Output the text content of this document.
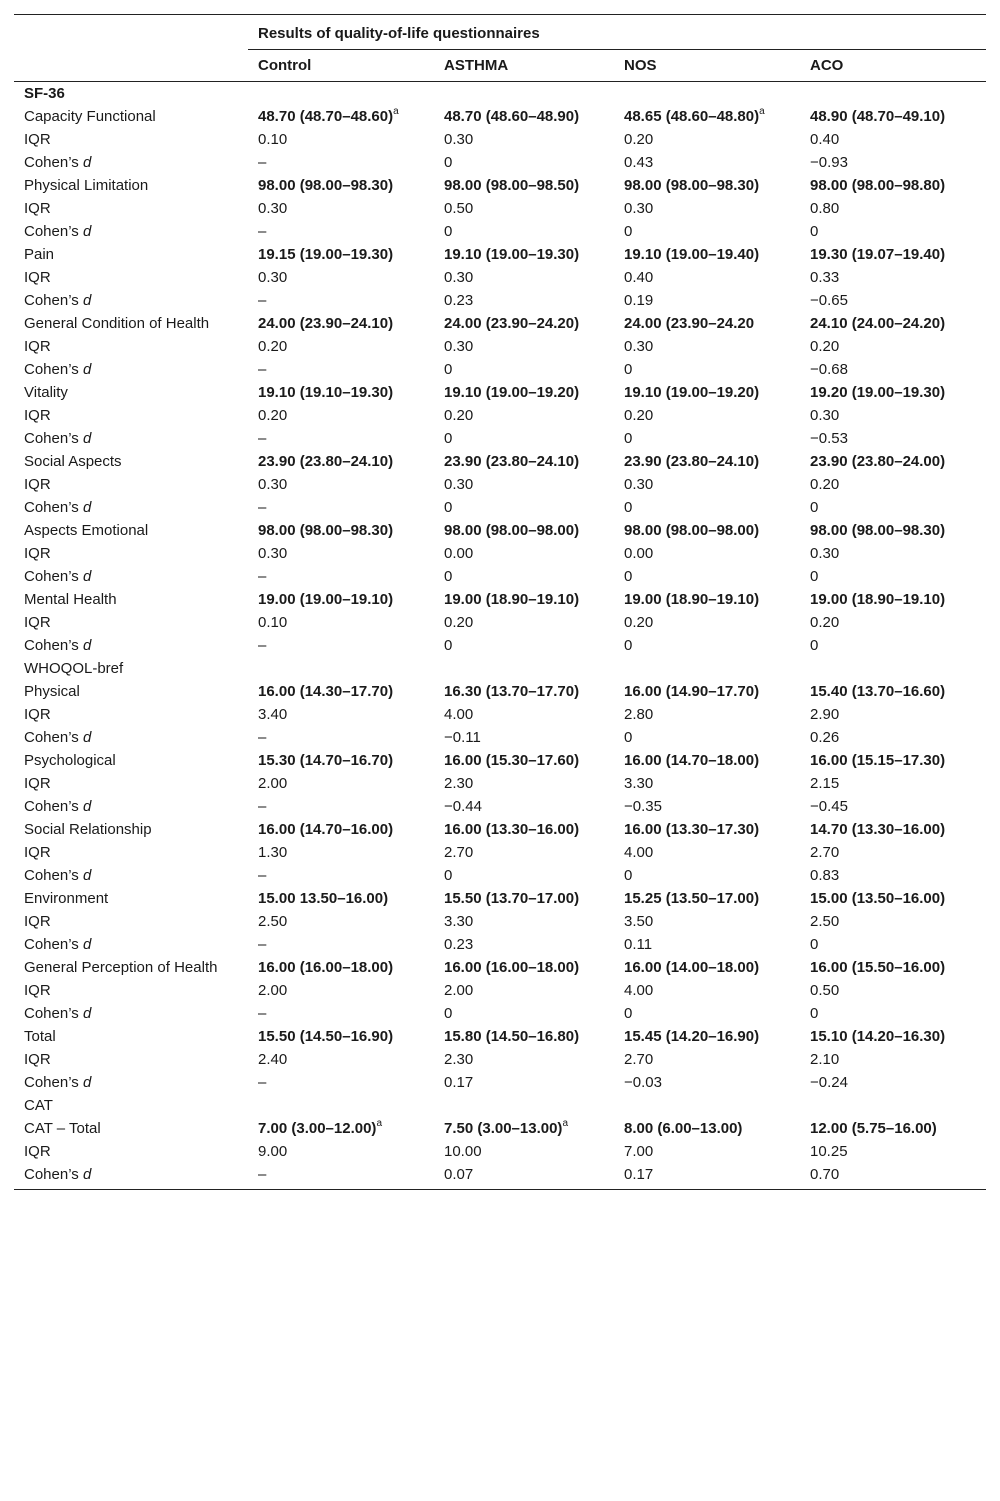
	Results of quality-of-life questionnaires			
	Control	ASTHMA	NOS	ACO
SF-36				
Capacity Functional	48.70 $(48.70-48.60)^a$	48.70 (48.60–48.90)	48.65 $(48.60-48.80)^a$	48.90 (48.70–49.10)
IQR	0.10	0.30	0.20	0.40
Cohen’s d	–	0	0.43	−0.93
Physical Limitation	98.00 (98.00–98.30)	98.00 (98.00–98.50)	98.00 (98.00–98.30)	98.00 (98.00–98.80)
IQR	0.30	0.50	0.30	0.80
Cohen’s d	–	0	0	0
Pain	19.15 (19.00–19.30)	19.10 (19.00–19.30)	19.10 (19.00–19.40)	19.30 (19.07–19.40)
IQR	0.30	0.30	0.40	0.33
Cohen’s d	–	0.23	0.19	−0.65
General Condition of Health	24.00 (23.90–24.10)	24.00 (23.90–24.20)	24.00 (23.90–24.20	24.10 (24.00–24.20)
IQR	0.20	0.30	0.30	0.20
Cohen’s d	–	0	0	−0.68
Vitality	19.10 (19.10–19.30)	19.10 (19.00–19.20)	19.10 (19.00–19.20)	19.20 (19.00–19.30)
IQR	0.20	0.20	0.20	0.30
Cohen’s d	–	0	0	−0.53
Social Aspects	23.90 (23.80–24.10)	23.90 (23.80–24.10)	23.90 (23.80–24.10)	23.90 (23.80–24.00)
IQR	0.30	0.30	0.30	0.20
Cohen’s d	–	0	0	0
Aspects Emotional	98.00 (98.00–98.30)	98.00 (98.00–98.00)	98.00 (98.00–98.00)	98.00 (98.00–98.30)
IQR	0.30	0.00	0.00	0.30
Cohen’s d	–	0	0	0
Mental Health	19.00 (19.00–19.10)	19.00 (18.90–19.10)	19.00 (18.90–19.10)	19.00 (18.90–19.10)
IQR	0.10	0.20	0.20	0.20
Cohen’s d	–	0	0	0
WHOQOL-bref				
Physical	16.00 (14.30–17.70)	16.30 (13.70–17.70)	16.00 (14.90–17.70)	15.40 (13.70–16.60)
IQR	3.40	4.00	2.80	2.90
Cohen’s d	–	−0.11	0	0.26
Psychological	15.30 (14.70–16.70)	16.00 (15.30–17.60)	16.00 (14.70–18.00)	16.00 (15.15–17.30)
IQR	2.00	2.30	3.30	2.15
Cohen’s d	–	−0.44	−0.35	−0.45
Social Relationship	16.00 (14.70–16.00)	16.00 (13.30–16.00)	16.00 (13.30–17.30)	14.70 (13.30–16.00)
IQR	1.30	2.70	4.00	2.70
Cohen’s d	–	0	0	0.83
Environment	15.00 13.50–16.00)	15.50 (13.70–17.00)	15.25 (13.50–17.00)	15.00 (13.50–16.00)
IQR	2.50	3.30	3.50	2.50
Cohen’s d	–	0.23	0.11	0
General Perception of Health	16.00 (16.00–18.00)	16.00 (16.00–18.00)	16.00 (14.00–18.00)	16.00 (15.50–16.00)
IQR	2.00	2.00	4.00	0.50
Cohen’s d	–	0	0	0
Total	15.50 (14.50–16.90)	15.80 (14.50–16.80)	15.45 (14.20–16.90)	15.10 (14.20–16.30)
IQR	2.40	2.30	2.70	2.10
Cohen’s d	–	0.17	−0.03	−0.24
CAT				
CAT – Total	7.00 $(3.00-12.00)^a$	7.50 $(3.00-13.00)^a$	8.00 (6.00–13.00)	12.00 (5.75–16.00)
IQR	9.00	10.00	7.00	10.25
Cohen’s d	–	0.07	0.17	0.70
